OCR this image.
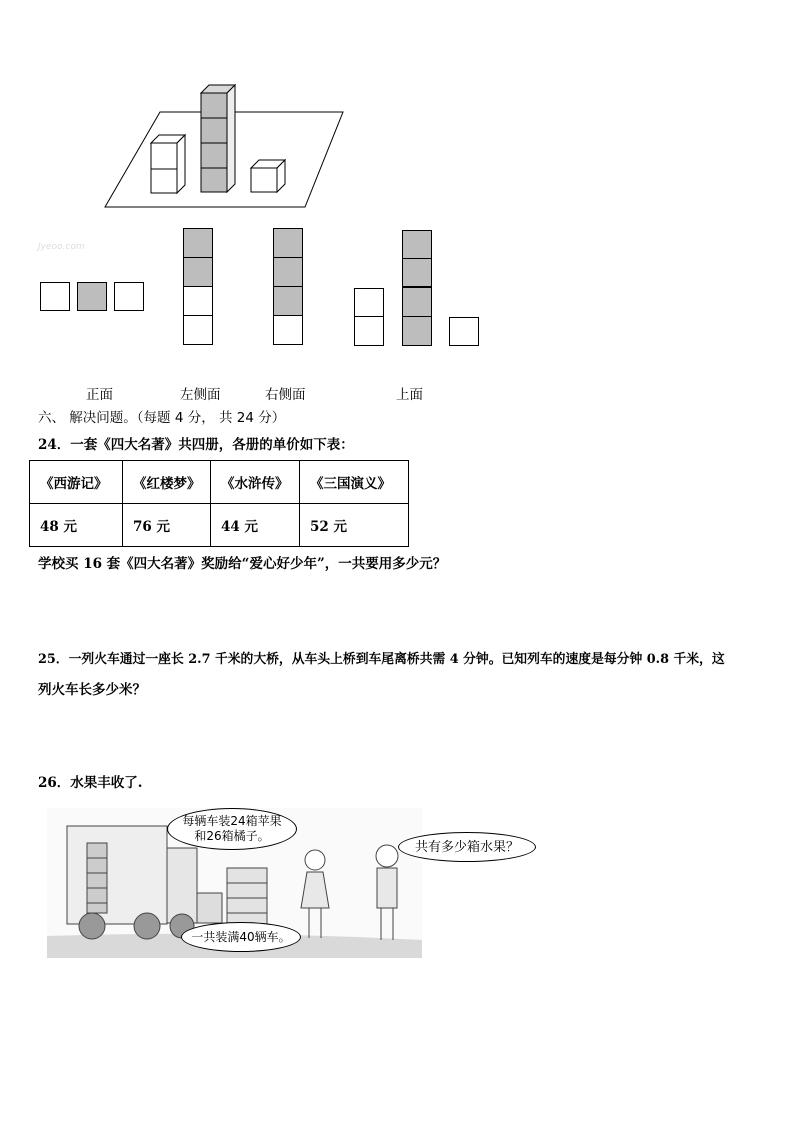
Jyeoo.com
正面	左侧面	右侧面	上面
六、 解决问题。（每题 4 分， 共 24 分）
24．一套《四大名著》共四册，各册的单价如下表：
《西游记》	《红楼梦》	《水浒传》	《三国演义》
48 元	76 元	44 元	52 元
学校买 16 套《四大名著》奖励给“爱心好少年”，一共要用多少元？
25．一列火车通过一座长 2.7 千米的大桥，从车头上桥到车尾离桥共需 4 分钟。已知列车的速度是每分钟 0.8 千米，这
列火车长多少米？
26．水果丰收了.
每辆车装24箱苹果和26箱橘子。
一共装满40辆车。
共有多少箱水果？
